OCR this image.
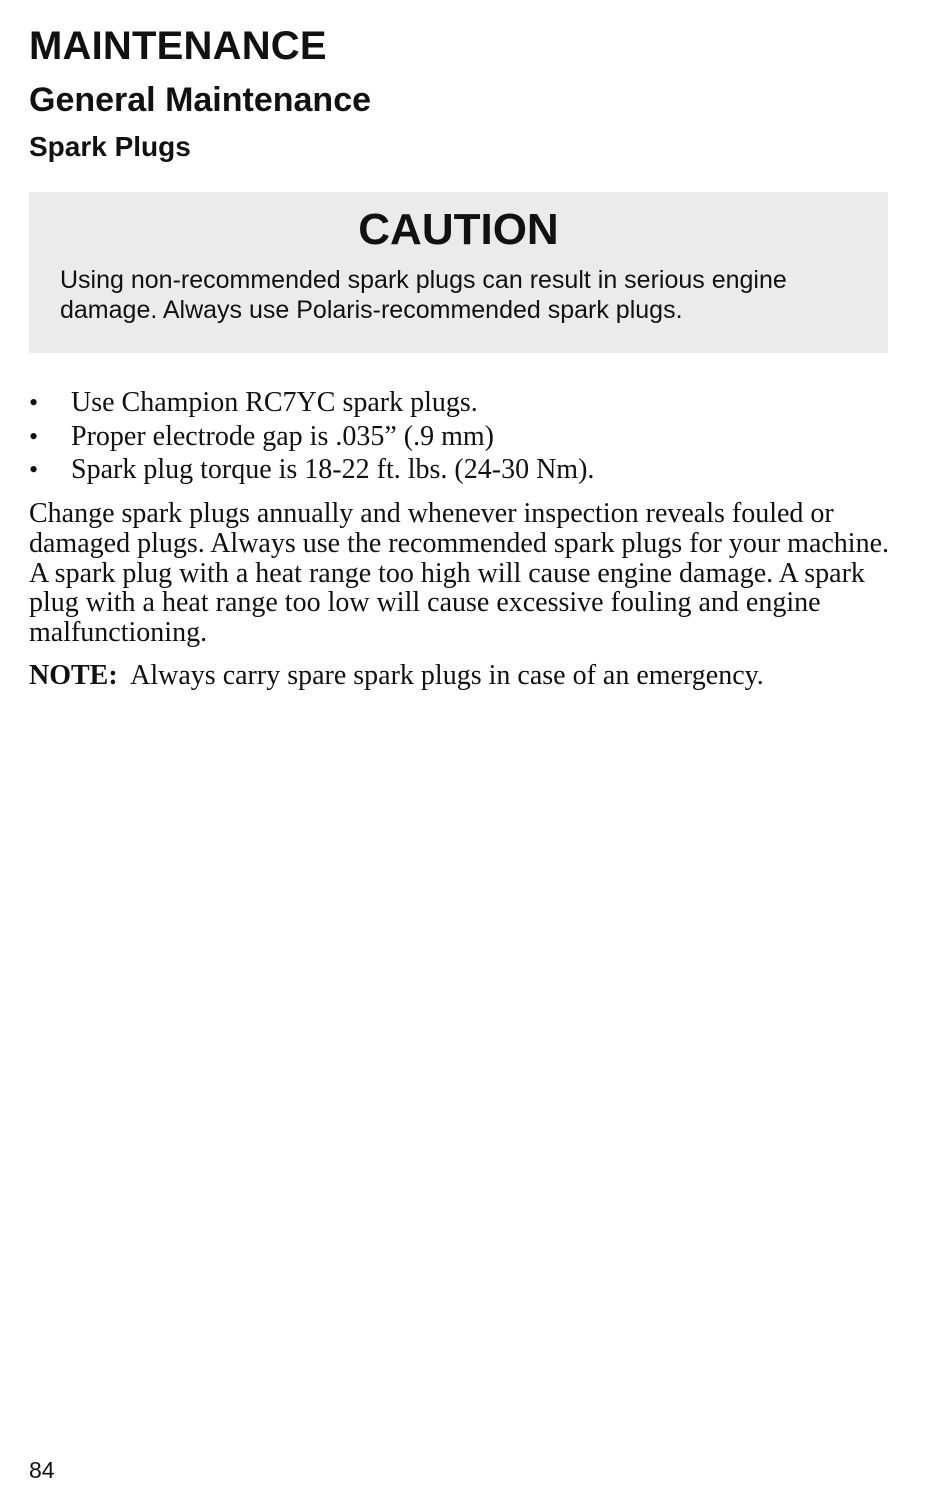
MAINTENANCE
General Maintenance
Spark Plugs
CAUTION

Using non-recommended spark plugs can result in serious engine damage. Always use Polaris-recommended spark plugs.

• Use Champion RC7YC spark plugs.
• Proper electrode gap is .035” (.9 mm)
• Spark plug torque is 18-22 ft. lbs. (24-30 Nm).

Change spark plugs annually and whenever inspection reveals fouled or damaged plugs. Always use the recommended spark plugs for your machine. A spark plug with a heat range too high will cause engine damage. A spark plug with a heat range too low will cause excessive fouling and engine malfunctioning.

NOTE: Always carry spare spark plugs in case of an emergency.

84
